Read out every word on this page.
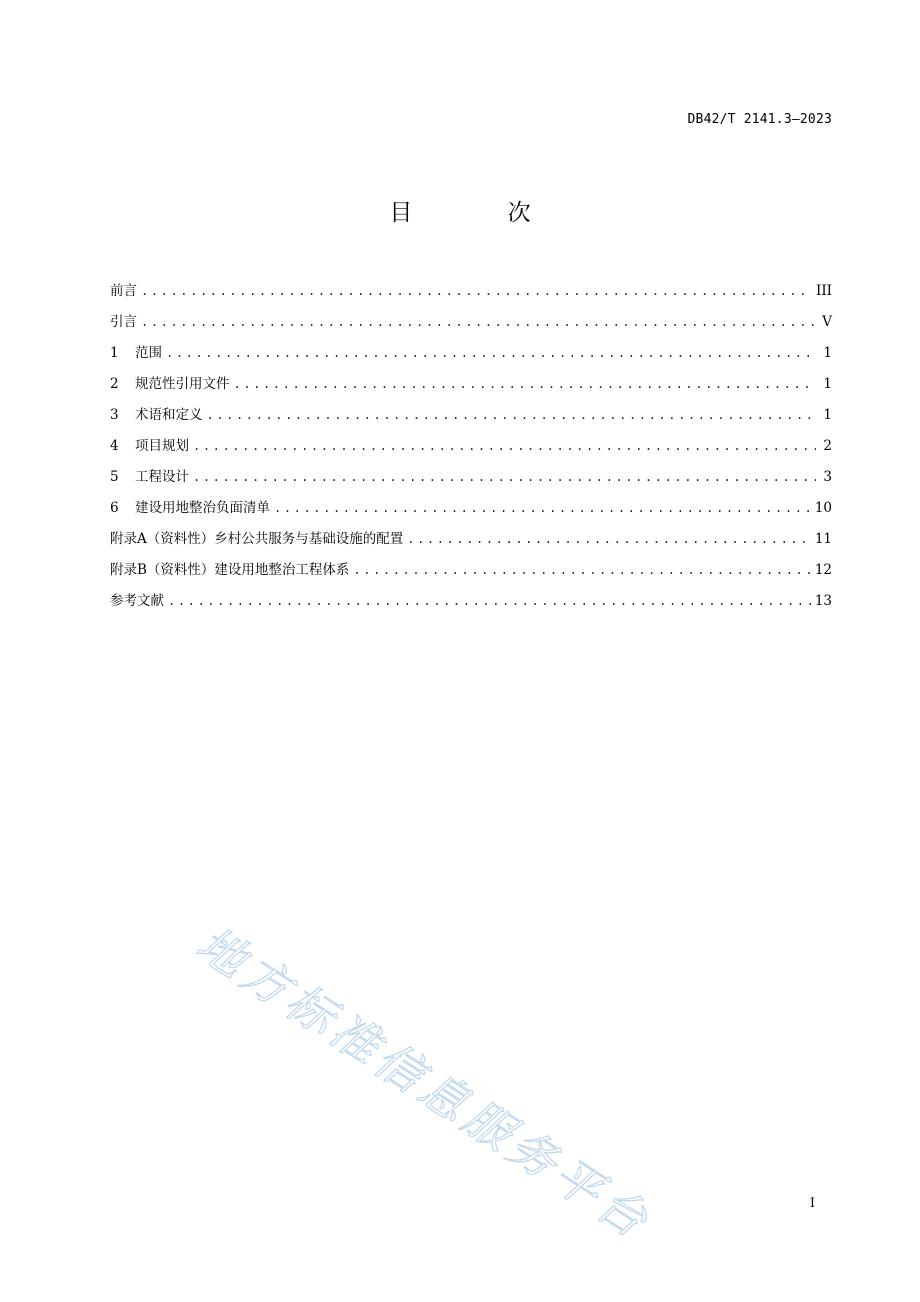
DB42/T 2141.3—2023
目 次
前言 .....	III
引言 .....	V
1	范围 .....	1
2	规范性引用文件 .....	1
3	术语和定义 .....	1
4	项目规划 .....	2
5	工程设计 .....	3
6	建设用地整治负面清单 .....	10
附录A（资料性）乡村公共服务与基础设施的配置 .....	11
附录B（资料性）建设用地整治工程体系 .....	12
参考文献 .....	13
地方标准信息服务平台	I
